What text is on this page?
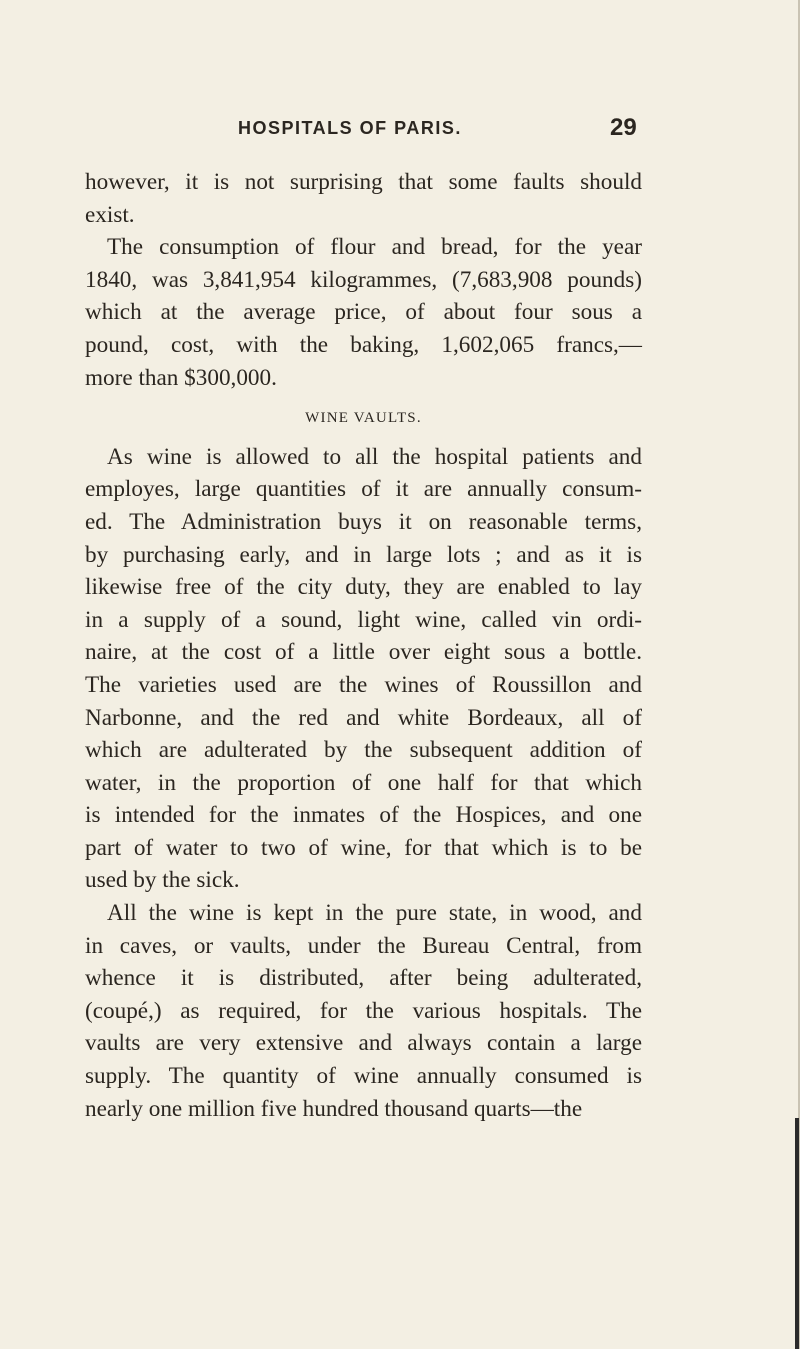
HOSPITALS OF PARIS.	29
however, it is not surprising that some faults should
exist.
The consumption of flour and bread, for the year
1840, was 3,841,954 kilogrammes, (7,683,908 pounds)
which at the average price, of about four sous a
pound, cost, with the baking, 1,602,065 francs,—
more than $300,000.
WINE VAULTS.
As wine is allowed to all the hospital patients and
employes, large quantities of it are annually consum-
ed. The Administration buys it on reasonable terms,
by purchasing early, and in large lots ; and as it is
likewise free of the city duty, they are enabled to lay
in a supply of a sound, light wine, called vin ordi-
naire, at the cost of a little over eight sous a bottle.
The varieties used are the wines of Roussillon and
Narbonne, and the red and white Bordeaux, all of
which are adulterated by the subsequent addition of
water, in the proportion of one half for that which
is intended for the inmates of the Hospices, and one
part of water to two of wine, for that which is to be
used by the sick.
All the wine is kept in the pure state, in wood, and
in caves, or vaults, under the Bureau Central, from
whence it is distributed, after being adulterated,
(coupé,) as required, for the various hospitals. The
vaults are very extensive and always contain a large
supply. The quantity of wine annually consumed is
nearly one million five hundred thousand quarts—the
